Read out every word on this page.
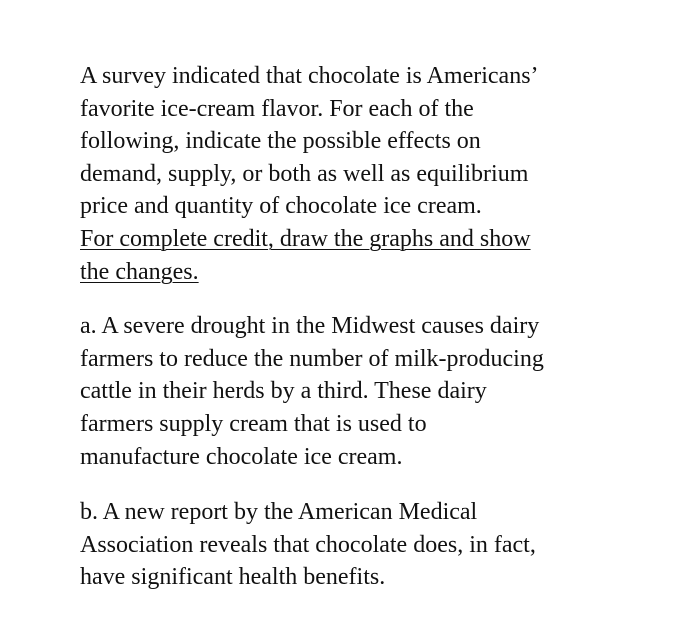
A survey indicated that chocolate is Americans’
favorite ice-cream flavor. For each of the
following, indicate the possible effects on
demand, supply, or both as well as equilibrium
price and quantity of chocolate ice cream.

For complete credit, draw the graphs and show
the changes.

a. A severe drought in the Midwest causes dairy
farmers to reduce the number of milk-producing
cattle in their herds by a third. These dairy
farmers supply cream that is used to
manufacture chocolate ice cream.

b. A new report by the American Medical
Association reveals that chocolate does, in fact,
have significant health benefits.
